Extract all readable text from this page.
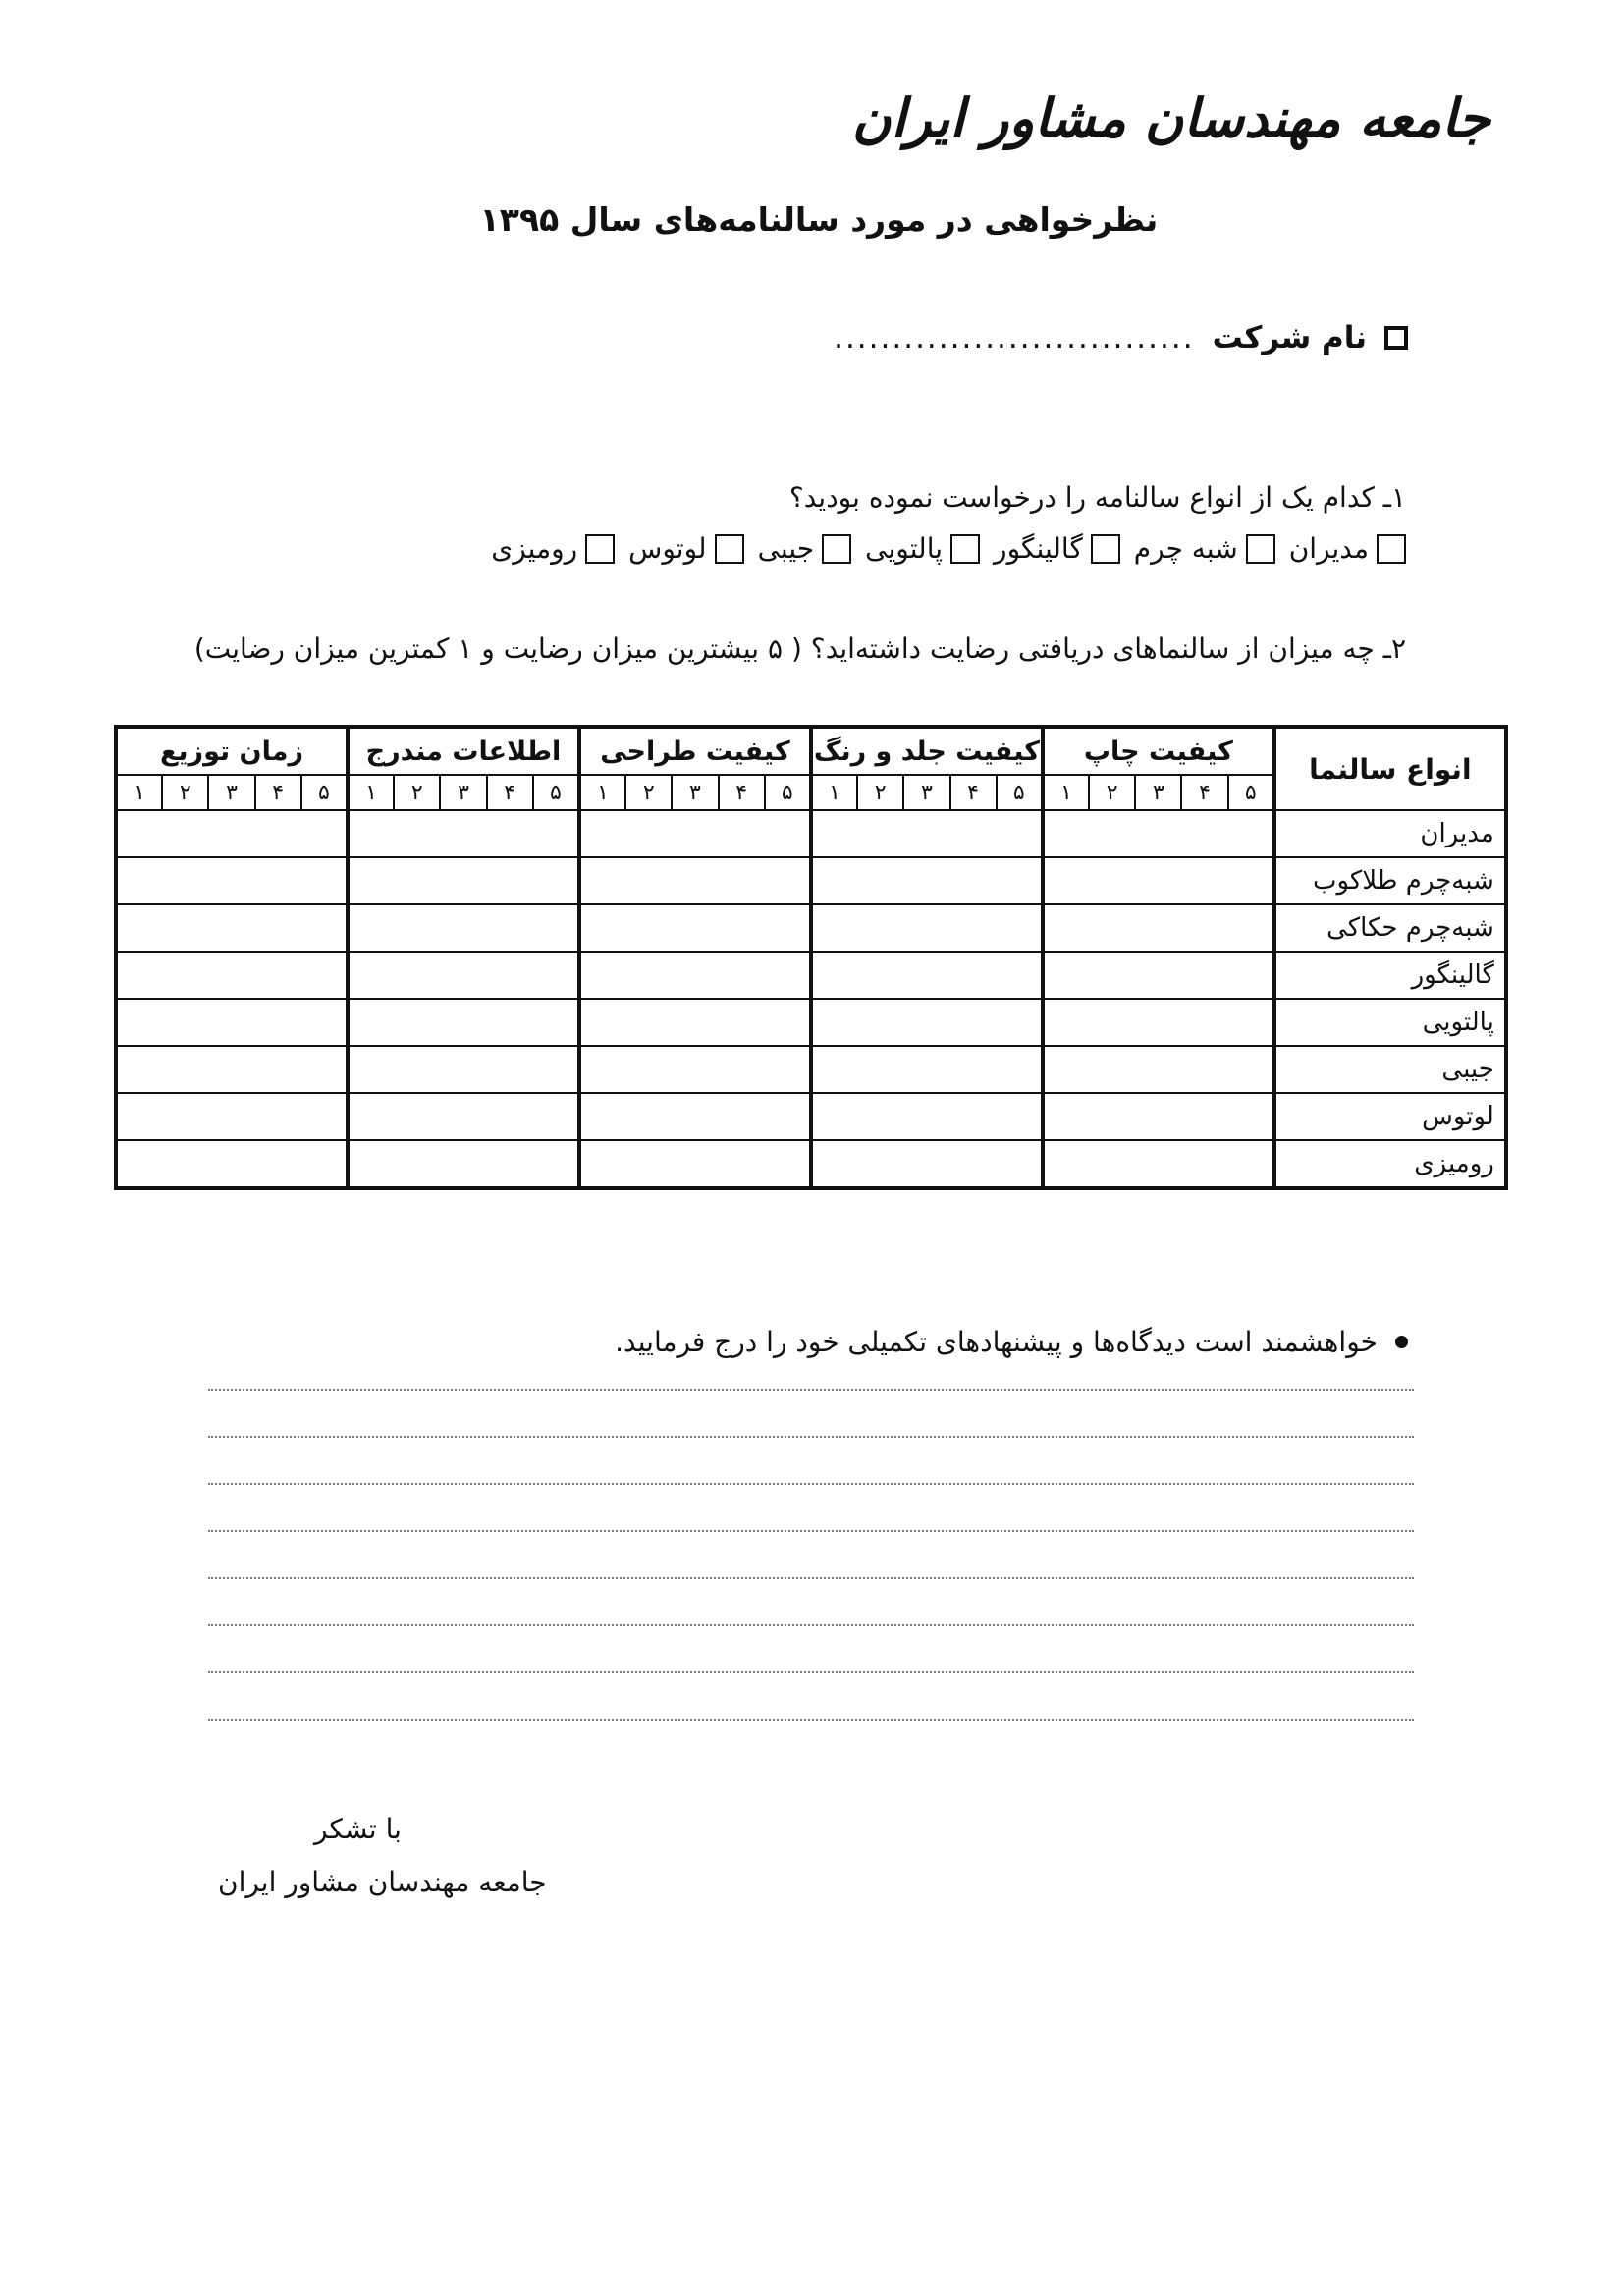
جامعه مهندسان مشاور ایران
نظرخواهی در مورد سالنامه‌های سال ۱۳۹۵
نام شرکت
...............................
۱ـ کدام یک از انواع سالنامه را درخواست نموده بودید؟
مدیران
شبه چرم
گالینگور
پالتویی
جیبی
لوتوس
رومیزی
۲ـ چه میزان از سالنماهای دریافتی رضایت داشته‌اید؟ ( ۵ بیشترین میزان رضایت و ۱ کمترین میزان رضایت)
انواع سالنما	کیفیت چاپ					کیفیت جلد و رنگ					کیفیت طراحی					اطلاعات مندرج					زمان توزیع				
	۵	۴	۳	۲	۱	۵	۴	۳	۲	۱	۵	۴	۳	۲	۱	۵	۴	۳	۲	۱	۵	۴	۳	۲	۱
مدیران																									
شبه‌چرم طلاکوب																									
شبه‌چرم حکاکی																									
گالینگور																									
پالتویی																									
جیبی																									
لوتوس																									
رومیزی																									
خواهشمند است دیدگاه‌ها و پیشنهادهای تکمیلی خود را درج فرمایید.
با تشکر
جامعه مهندسان مشاور ایران
